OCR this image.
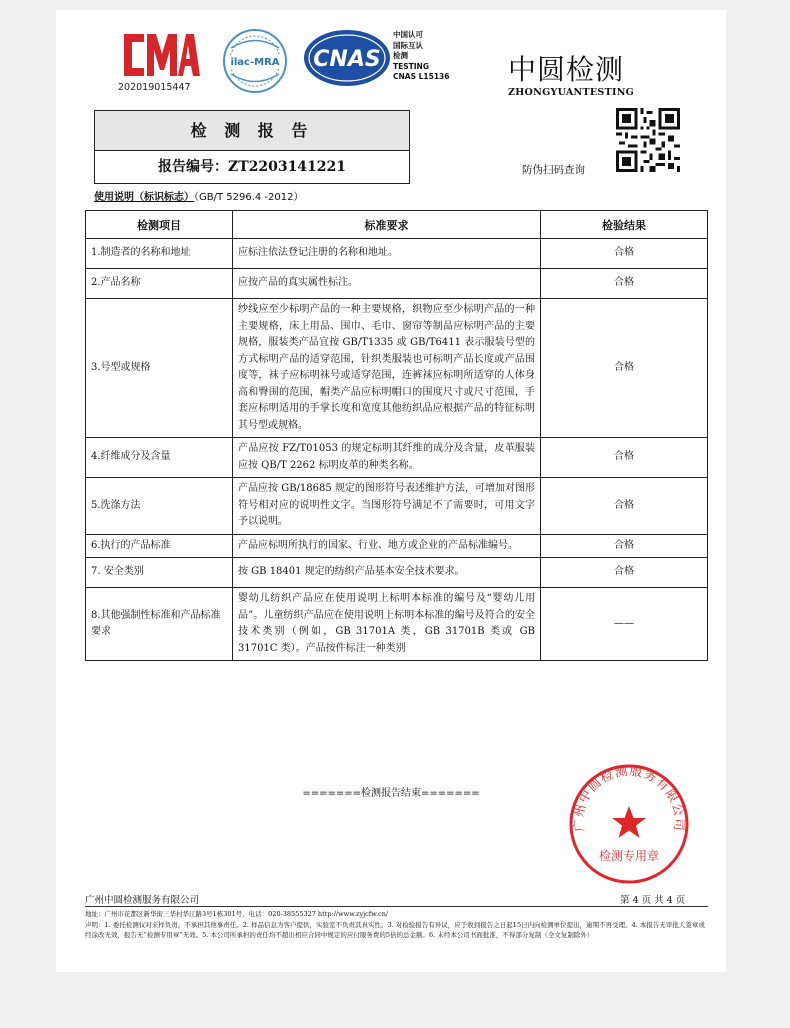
202019015447
ilac-MRA CNAS
中国认可
国际互认
检测
TESTING
CNAS L15136 中圆检测
ZHONGYUANTESTING
检 测 报 告
报告编号：ZT2203141221	防伪扫码查询
使用说明（标识标志）（GB/T 5296.4 -2012）
检测项目	标准要求	检验结果
1.制造者的名称和地址	应标注依法登记注册的名称和地址。	合格
2.产品名称	应按产品的真实属性标注。	合格
3.号型或规格	纱线应至少标明产品的一种主要规格，织物应至少标明产品的一种主要规格，床上用品、围巾、毛巾、窗帘等制品应标明产品的主要规格，服装类产品宜按 GB/T1335 或 GB/T6411 表示服装号型的方式标明产品的适穿范围，针织类服装也可标明产品长度或产品围度等，袜子应标明袜号或适穿范围，连裤袜应标明所适穿的人体身高和臀围的范围，帽类产品应标明帽口的围度尺寸或尺寸范围，手套应标明适用的手掌长度和宽度其他纺织品应根据产品的特征标明其号型或规格。	合格
4.纤维成分及含量	产品应按 FZ/T01053 的规定标明其纤维的成分及含量，皮革服装应按 QB/T 2262 标明皮革的种类名称。	合格
5.洗涤方法	产品应按 GB/18685 规定的图形符号表述维护方法，可增加对图形符号相对应的说明性文字。当图形符号满足不了需要时，可用文字予以说明。	合格
6.执行的产品标准	产品应标明所执行的国家、行业、地方或企业的产品标准编号。	合格
7. 安全类别	按 GB 18401 规定的纺织产品基本安全技术要求。	合格
8.其他强制性标准和产品标准要求	婴幼儿纺织产品应在使用说明上标明本标准的编号及“婴幼儿用品”。儿童纺织产品应在使用说明上标明本标准的编号及符合的安全技术类别（例如，GB 31701A 类，GB 31701B 类或 GB 31701C 类）。产品按件标注一种类别	——
=======检测报告结束=======
广州中圆检测服务有限公司
检测专用章
广州中圆检测服务有限公司	第 4 页 共 4 页
地址：广州市花都区新华街三华村华江路3号1栋301号，电话：020-38555327 http://www.zyjcfw.cn/
声明：1. 委托检测仅对来样负责，不承担其他事责任。2. 样品信息为客户提供，实验室不负责其真实性。3. 对检验报告有异议，应于收到报告之日起15日内向检测单位提出，逾期不再受理。4. 本报告无审批人签章或经涂改无效，报告无“检测专用章”无效。5. 本公司所承担的责任均不超出相应合同中规定的应付服务费的5倍的总金额。6. 未经本公司书面批准，不得部分复制（全文复制除外）
